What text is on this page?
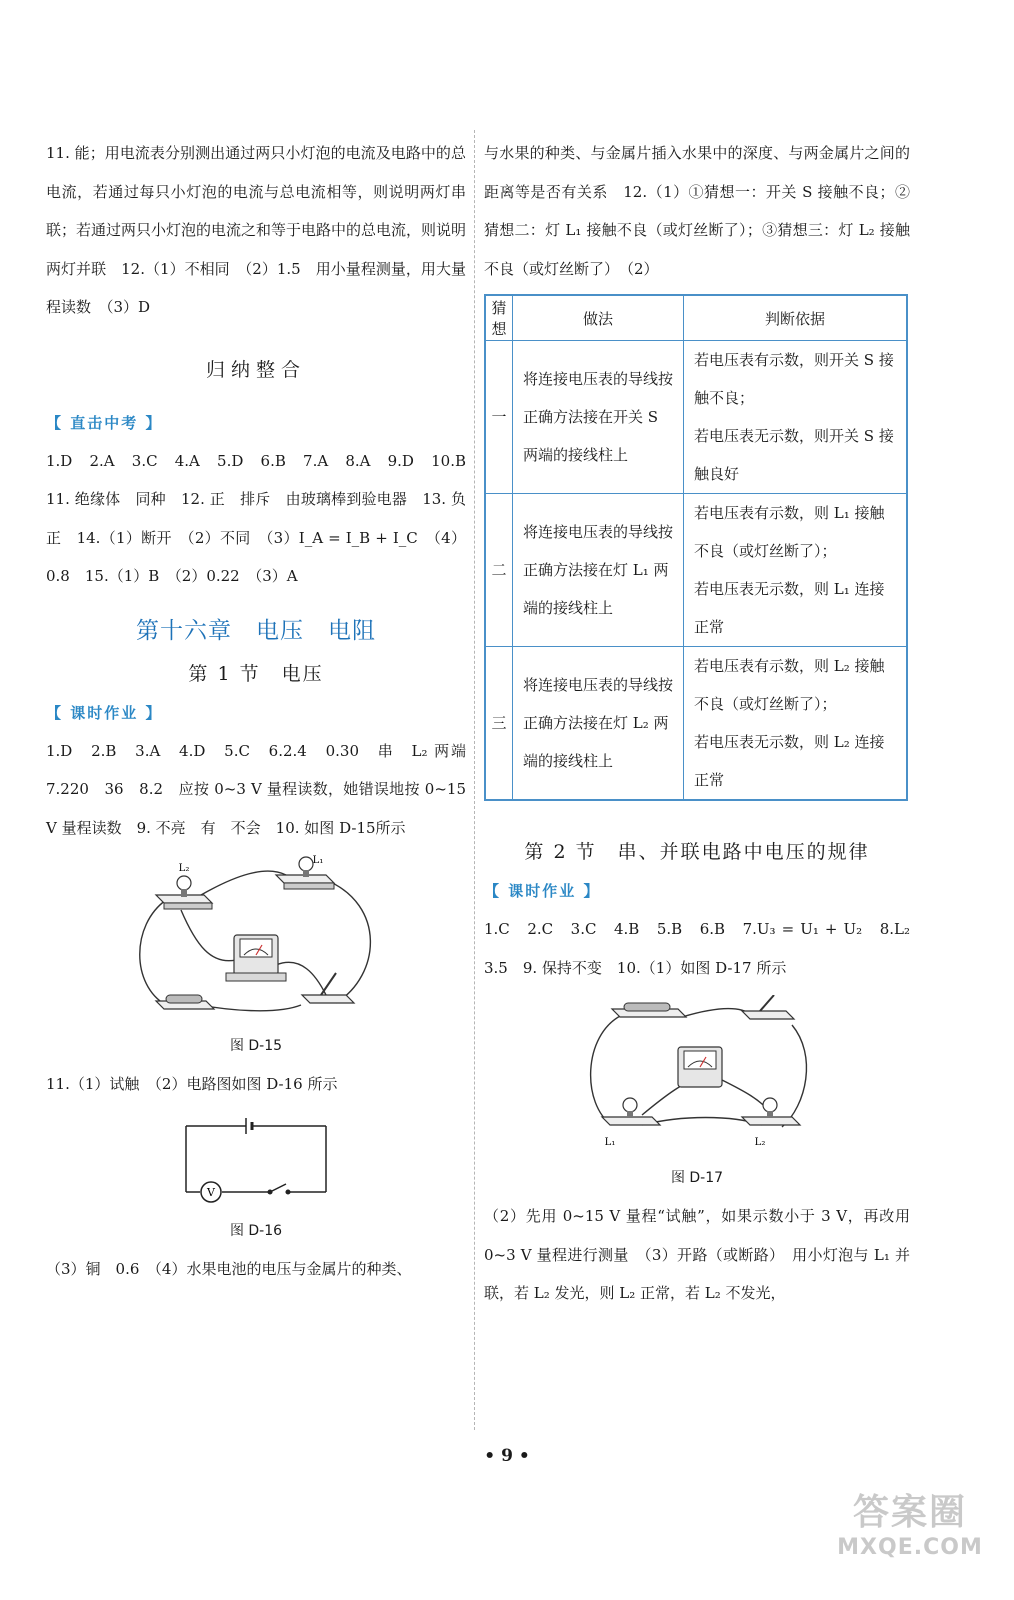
11. 能；用电流表分别测出通过两只小灯泡的电流及电路中的总电流，若通过每只小灯泡的电流与总电流相等，则说明两灯串联；若通过两只小灯泡的电流之和等于电路中的总电流，则说明两灯并联　12.（1）不相同　（2）1.5　用小量程测量，用大量程读数　（3）D

归纳整合
【 直击中考 】

1.D　2.A　3.C　4.A　5.D　6.B　7.A　8.A　9.D　10.B　11. 绝缘体　同种　12. 正　排斥　由玻璃棒到验电器　13. 负　正　14.（1）断开　（2）不同　（3）I_A = I_B + I_C　（4）0.8　15.（1）B　（2）0.22　（3）A

第十六章　电压　电阻
第 1 节　电压
【 课时作业 】

1.D　2.B　3.A　4.D　5.C　6.2.4　0.30　串　L₂ 两端　7.220　36　8.2　应按 0~3 V 量程读数，她错误地按 0~15 V 量程读数　9. 不亮　有　不会　10. 如图 D-15所示

L₂
L₁
图 D-15

11.（1）试触　（2）电路图如图 D-16 所示

V
图 D-16

（3）铜　0.6　（4）水果电池的电压与金属片的种类、

与水果的种类、与金属片插入水果中的深度、与两金属片之间的距离等是否有关系　12.（1）①猜想一：开关 S 接触不良；②猜想二：灯 L₁ 接触不良（或灯丝断了）；③猜想三：灯 L₂ 接触不良（或灯丝断了）　（2）

猜想	做法	判断依据
一	将连接电压表的导线按正确方法接在开关 S 两端的接线柱上	若电压表有示数，则开关 S 接触不良；
若电压表无示数，则开关 S 接触良好

二	将连接电压表的导线按正确方法接在灯 L₁ 两端的接线柱上	若电压表有示数，则 L₁ 接触不良（或灯丝断了）；
若电压表无示数，则 L₁ 连接正常

三	将连接电压表的导线按正确方法接在灯 L₂ 两端的接线柱上	若电压表有示数，则 L₂ 接触不良（或灯丝断了）；
若电压表无示数，则 L₂ 连接正常
第 2 节　串、并联电路中电压的规律
【 课时作业 】

1.C　2.C　3.C　4.B　5.B　6.B　7.U₃ = U₁ + U₂　8.L₂　3.5　9. 保持不变　10.（1）如图 D-17 所示

L₁	L₂
图 D-17

（2）先用 0~15 V 量程“试触”，如果示数小于 3 V，再改用 0~3 V 量程进行测量　（3）开路（或断路）　用小灯泡与 L₁ 并联，若 L₂ 发光，则 L₂ 正常，若 L₂ 不发光，

• 9 •
答案圈
MXQE.COM
